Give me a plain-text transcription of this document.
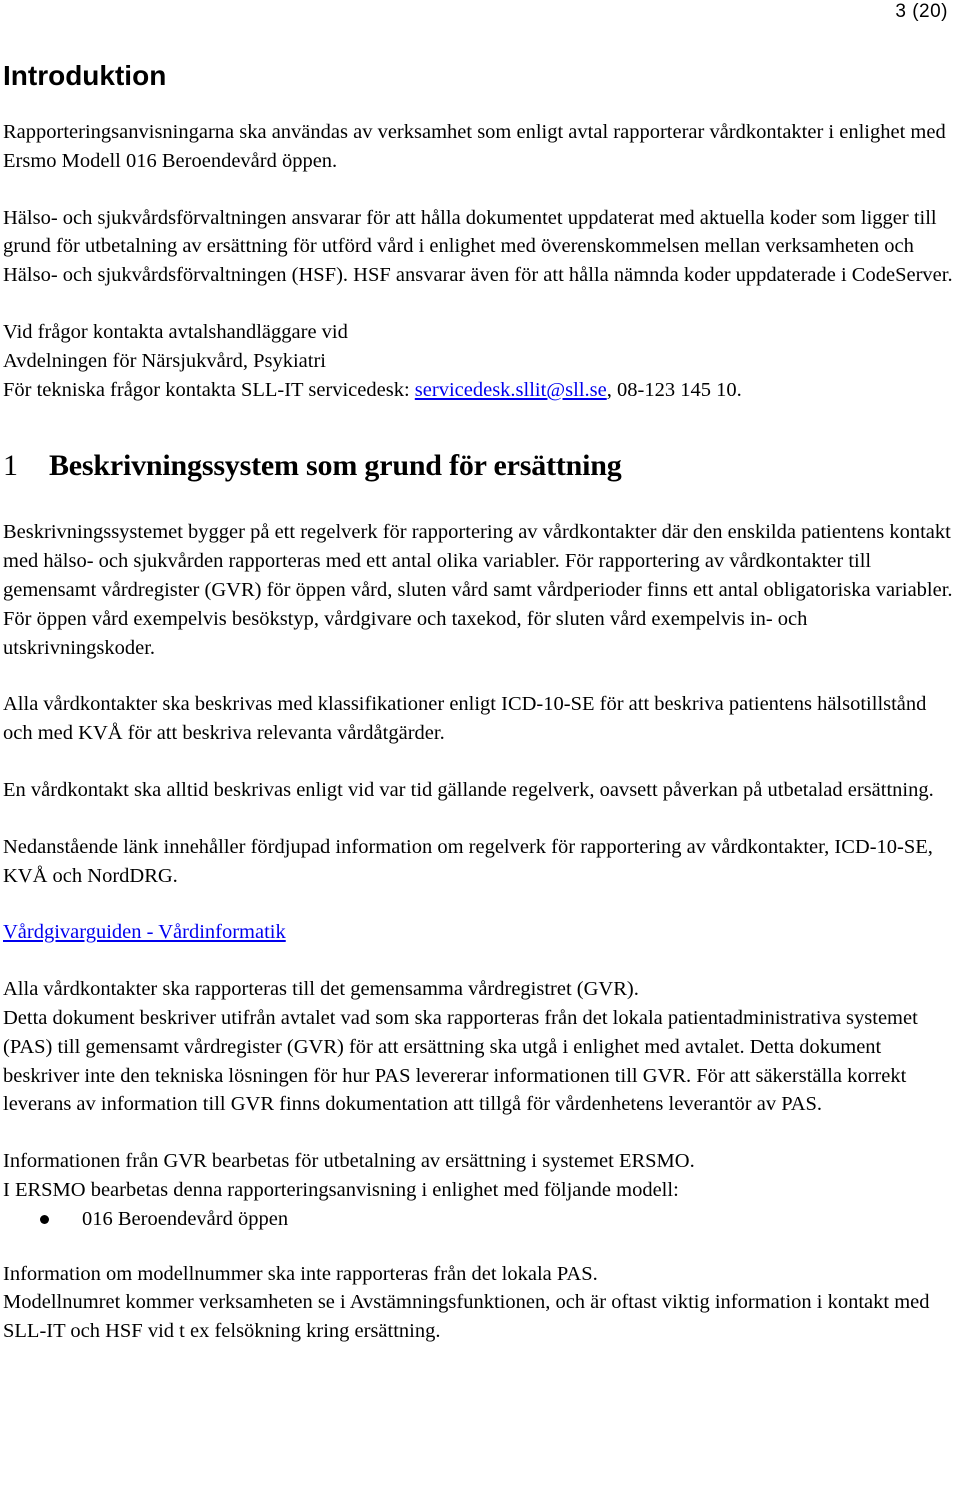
3 (20)
Introduktion

Rapporteringsanvisningarna ska användas av verksamhet som enligt avtal rapporterar vårdkontakter i enlighet med Ersmo Modell 016 Beroendevård öppen.

Hälso- och sjukvårdsförvaltningen ansvarar för att hålla dokumentet uppdaterat med aktuella koder som ligger till grund för utbetalning av ersättning för utförd vård i enlighet med överenskommelsen mellan verksamheten och Hälso- och sjukvårdsförvaltningen (HSF). HSF ansvarar även för att hålla nämnda koder uppdaterade i CodeServer.

Vid frågor kontakta avtalshandläggare vid
Avdelningen för Närsjukvård, Psykiatri
För tekniska frågor kontakta SLL-IT servicedesk: servicedesk.sllit@sll.se, 08-123 145 10.

1 Beskrivningssystem som grund för ersättning

Beskrivningssystemet bygger på ett regelverk för rapportering av vårdkontakter där den enskilda patientens kontakt med hälso- och sjukvården rapporteras med ett antal olika variabler. För rapportering av vårdkontakter till gemensamt vårdregister (GVR) för öppen vård, sluten vård samt vårdperioder finns ett antal obligatoriska variabler. För öppen vård exempelvis besökstyp, vårdgivare och taxekod, för sluten vård exempelvis in- och utskrivningskoder.

Alla vårdkontakter ska beskrivas med klassifikationer enligt ICD-10-SE för att beskriva patientens hälsotillstånd och med KVÅ för att beskriva relevanta vårdåtgärder.

En vårdkontakt ska alltid beskrivas enligt vid var tid gällande regelverk, oavsett påverkan på utbetalad ersättning.

Nedanstående länk innehåller fördjupad information om regelverk för rapportering av vårdkontakter, ICD-10-SE, KVÅ och NordDRG.

Vårdgivarguiden - Vårdinformatik

Alla vårdkontakter ska rapporteras till det gemensamma vårdregistret (GVR).
Detta dokument beskriver utifrån avtalet vad som ska rapporteras från det lokala patientadministrativa systemet (PAS) till gemensamt vårdregister (GVR) för att ersättning ska utgå i enlighet med avtalet. Detta dokument beskriver inte den tekniska lösningen för hur PAS levererar informationen till GVR. För att säkerställa korrekt leverans av information till GVR finns dokumentation att tillgå för vårdenhetens leverantör av PAS.

Informationen från GVR bearbetas för utbetalning av ersättning i systemet ERSMO.
I ERSMO bearbetas denna rapporteringsanvisning i enlighet med följande modell:

016 Beroendevård öppen

Information om modellnummer ska inte rapporteras från det lokala PAS.
Modellnumret kommer verksamheten se i Avstämningsfunktionen, och är oftast viktig information i kontakt med SLL-IT och HSF vid t ex felsökning kring ersättning.
